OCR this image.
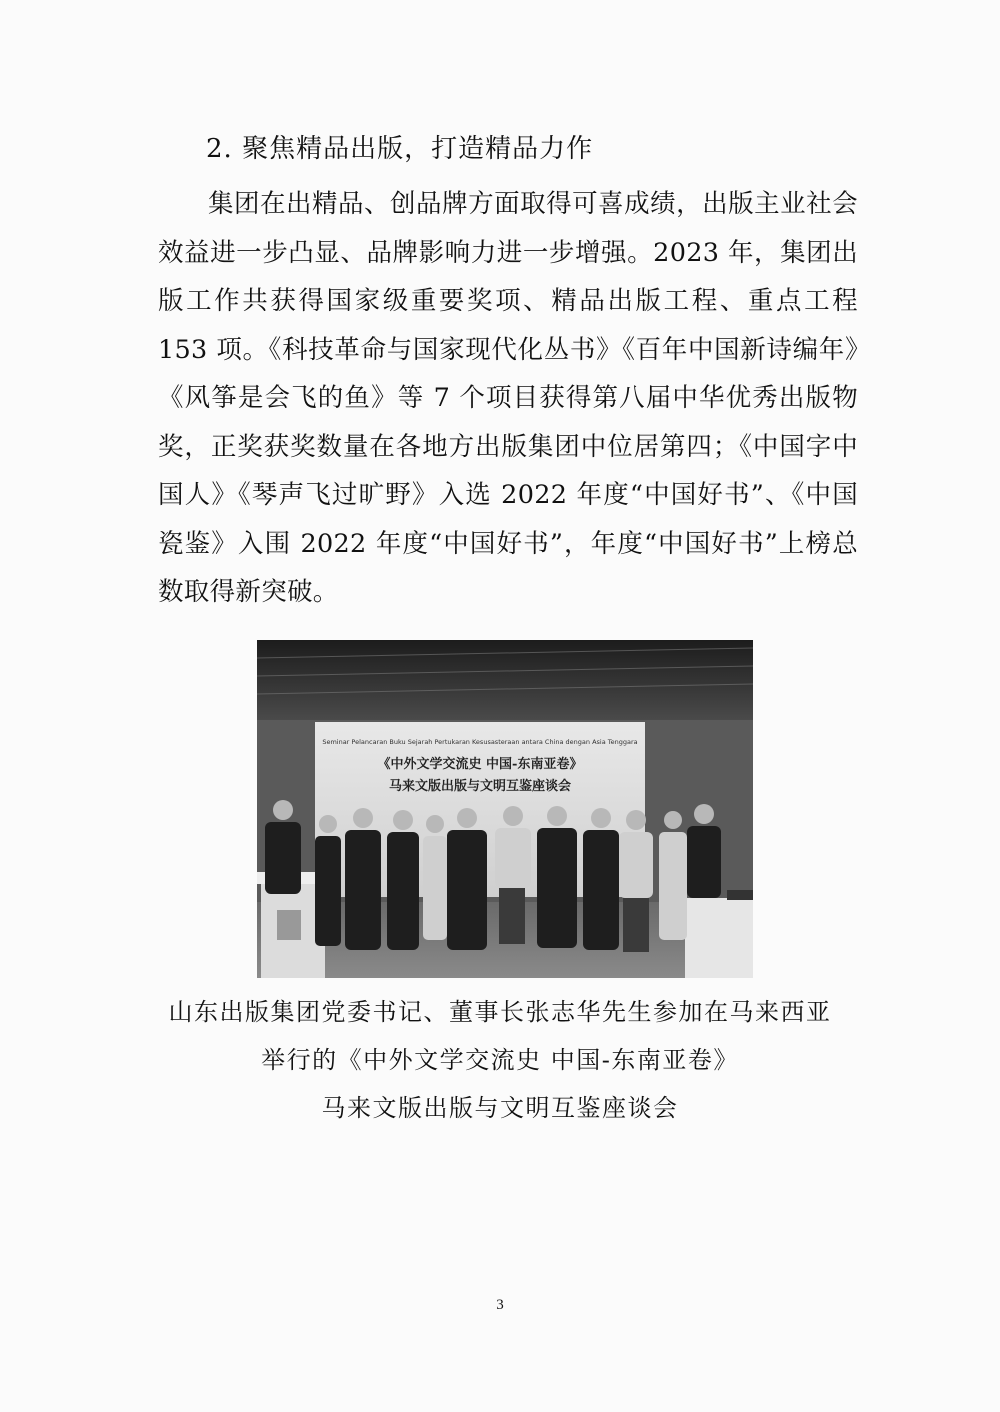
2. 聚焦精品出版，打造精品力作
集团在出精品、创品牌方面取得可喜成绩，出版主业社会效益进一步凸显、品牌影响力进一步增强。2023 年，集团出版工作共获得国家级重要奖项、精品出版工程、重点工程 153 项。《科技革命与国家现代化丛书》《百年中国新诗编年》《风筝是会飞的鱼》等 7 个项目获得第八届中华优秀出版物奖，正奖获奖数量在各地方出版集团中位居第四；《中国字中国人》《琴声飞过旷野》入选 2022 年度“中国好书”、《中国瓷鉴》入围 2022 年度“中国好书”，年度“中国好书”上榜总数取得新突破。
Seminar Pelancaran Buku Sejarah Pertukaran Kesusasteraan antara China dengan Asia Tenggara
《中外文学交流史 中国-东南亚卷》
马来文版出版与文明互鉴座谈会
山东出版集团党委书记、董事长张志华先生参加在马来西亚
举行的《中外文学交流史 中国-东南亚卷》
马来文版出版与文明互鉴座谈会
3
